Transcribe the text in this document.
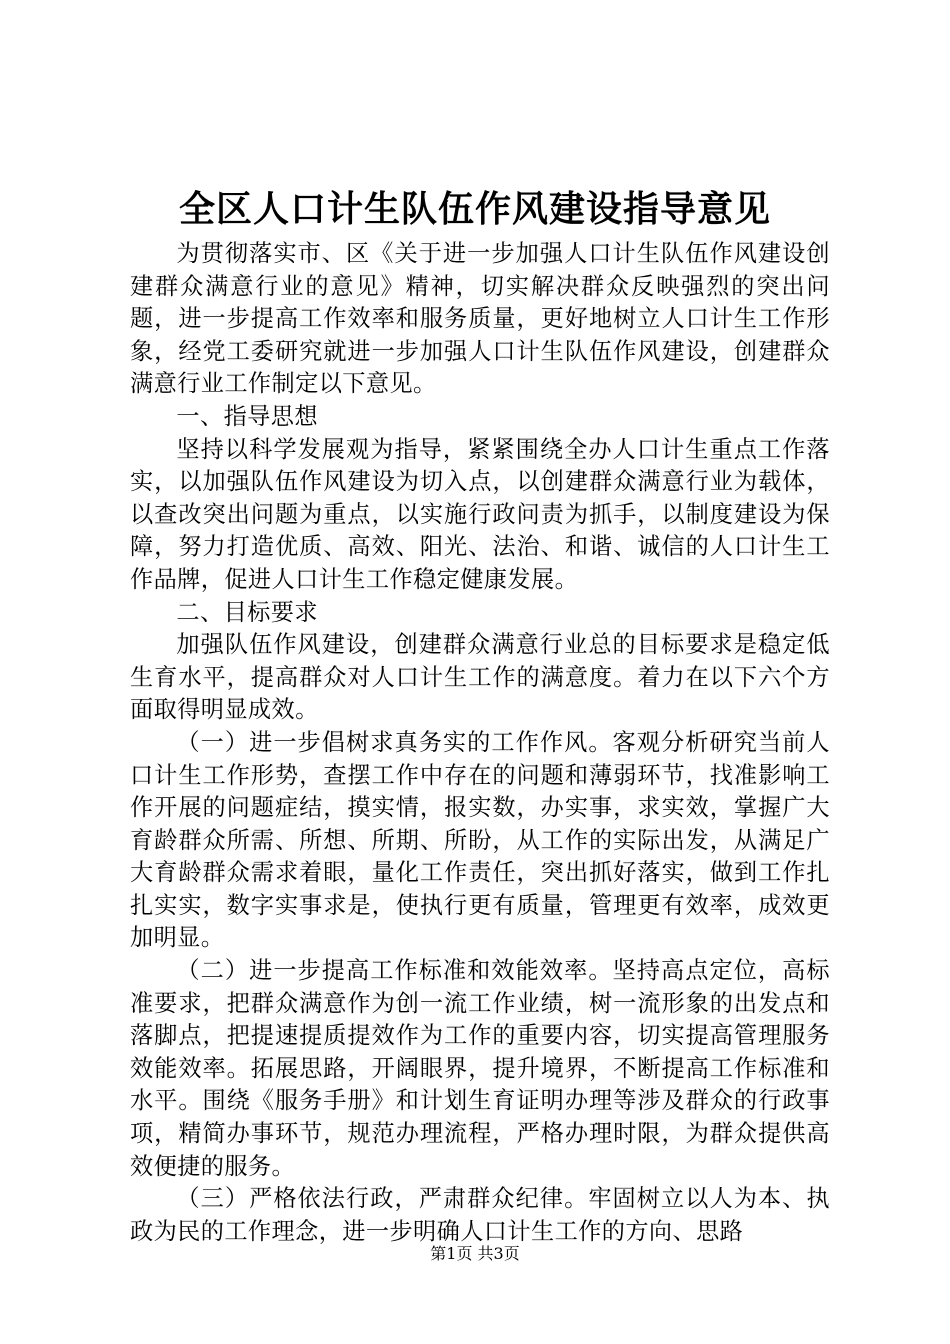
全区人口计生队伍作风建设指导意见

为贯彻落实市、区《关于进一步加强人口计生队伍作风建设创建群众满意行业的意见》精神，切实解决群众反映强烈的突出问题，进一步提高工作效率和服务质量，更好地树立人口计生工作形象，经党工委研究就进一步加强人口计生队伍作风建设，创建群众满意行业工作制定以下意见。

一、指导思想

坚持以科学发展观为指导，紧紧围绕全办人口计生重点工作落实，以加强队伍作风建设为切入点，以创建群众满意行业为载体，以查改突出问题为重点，以实施行政问责为抓手，以制度建设为保障，努力打造优质、高效、阳光、法治、和谐、诚信的人口计生工作品牌，促进人口计生工作稳定健康发展。

二、目标要求

加强队伍作风建设，创建群众满意行业总的目标要求是稳定低生育水平，提高群众对人口计生工作的满意度。着力在以下六个方面取得明显成效。

（一）进一步倡树求真务实的工作作风。客观分析研究当前人口计生工作形势，查摆工作中存在的问题和薄弱环节，找准影响工作开展的问题症结，摸实情，报实数，办实事，求实效，掌握广大育龄群众所需、所想、所期、所盼，从工作的实际出发，从满足广大育龄群众需求着眼，量化工作责任，突出抓好落实，做到工作扎扎实实，数字实事求是，使执行更有质量，管理更有效率，成效更加明显。

（二）进一步提高工作标准和效能效率。坚持高点定位，高标准要求，把群众满意作为创一流工作业绩，树一流形象的出发点和落脚点，把提速提质提效作为工作的重要内容，切实提高管理服务效能效率。拓展思路，开阔眼界，提升境界，不断提高工作标准和水平。围绕《服务手册》和计划生育证明办理等涉及群众的行政事项，精简办事环节，规范办理流程，严格办理时限，为群众提供高效便捷的服务。

（三）严格依法行政，严肃群众纪律。牢固树立以人为本、执政为民的工作理念，进一步明确人口计生工作的方向、思路

第1页 共3页
